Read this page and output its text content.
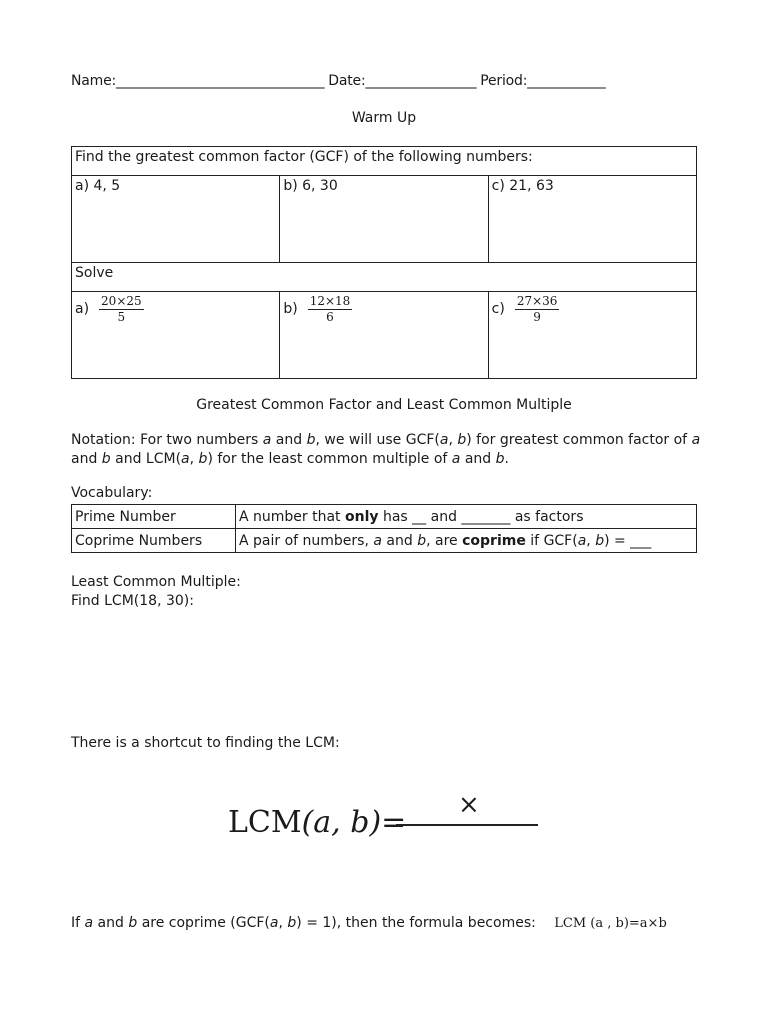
Name:________________________________ Date:_________________ Period:____________
Warm Up
Find the greatest common factor (GCF) of the following numbers:		
a) 4, 5	b) 6, 30	c) 21, 63
Solve		

$a) \frac{20\times 25}{5}$	$b) \frac{12\times 18}{6}$	$c) \frac{27\times 36}{9}$
Greatest Common Factor and Least Common Multiple

Notation: For two numbers a and b, we will use GCF(a, b) for greatest common factor of a

and b and LCM(a, b) for the least common multiple of a and b.

Vocabulary:
Prime Number	A number that only has __ and _______ as factors
Coprime Numbers	A pair of numbers, a and b, are coprime if GCF(a, b) = ___

Least Common Multiple:

Find LCM(18, 30):

There is a shortcut to finding the LCM:
LCM(a, b)= ×
If a and b are coprime (GCF(a, b) = 1), then the formula becomes: LCM (a , b)=a×b
